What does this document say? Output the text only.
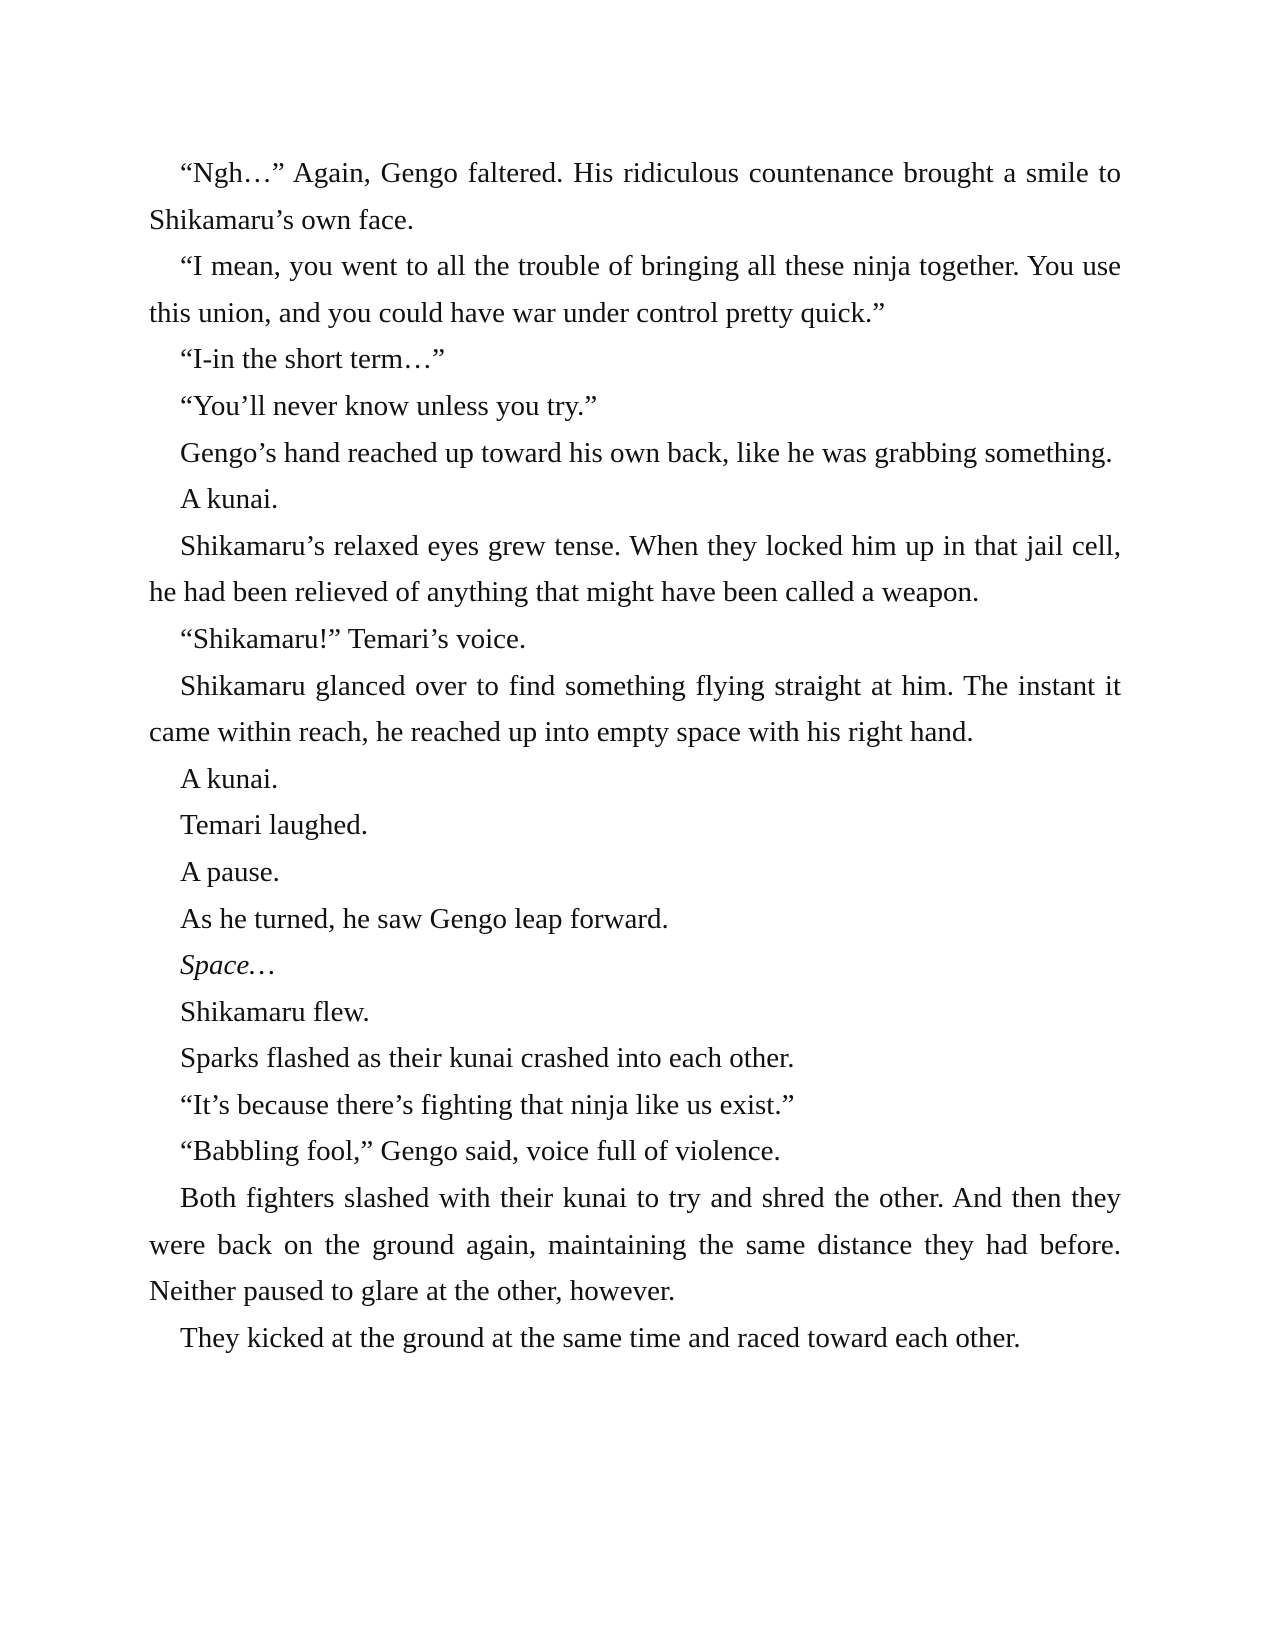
“Ngh…” Again, Gengo faltered. His ridiculous countenance brought a smile to Shikamaru’s own face.

“I mean, you went to all the trouble of bringing all these ninja together. You use this union, and you could have war under control pretty quick.”

“I-in the short term…”

“You’ll never know unless you try.”

Gengo’s hand reached up toward his own back, like he was grabbing something.

A kunai.

Shikamaru’s relaxed eyes grew tense. When they locked him up in that jail cell, he had been relieved of anything that might have been called a weapon.

“Shikamaru!” Temari’s voice.

Shikamaru glanced over to find something flying straight at him. The instant it came within reach, he reached up into empty space with his right hand.

A kunai.

Temari laughed.

A pause.

As he turned, he saw Gengo leap forward.

Space…

Shikamaru flew.

Sparks flashed as their kunai crashed into each other.

“It’s because there’s fighting that ninja like us exist.”

“Babbling fool,” Gengo said, voice full of violence.

Both fighters slashed with their kunai to try and shred the other. And then they were back on the ground again, maintaining the same distance they had before. Neither paused to glare at the other, however.

They kicked at the ground at the same time and raced toward each other.
